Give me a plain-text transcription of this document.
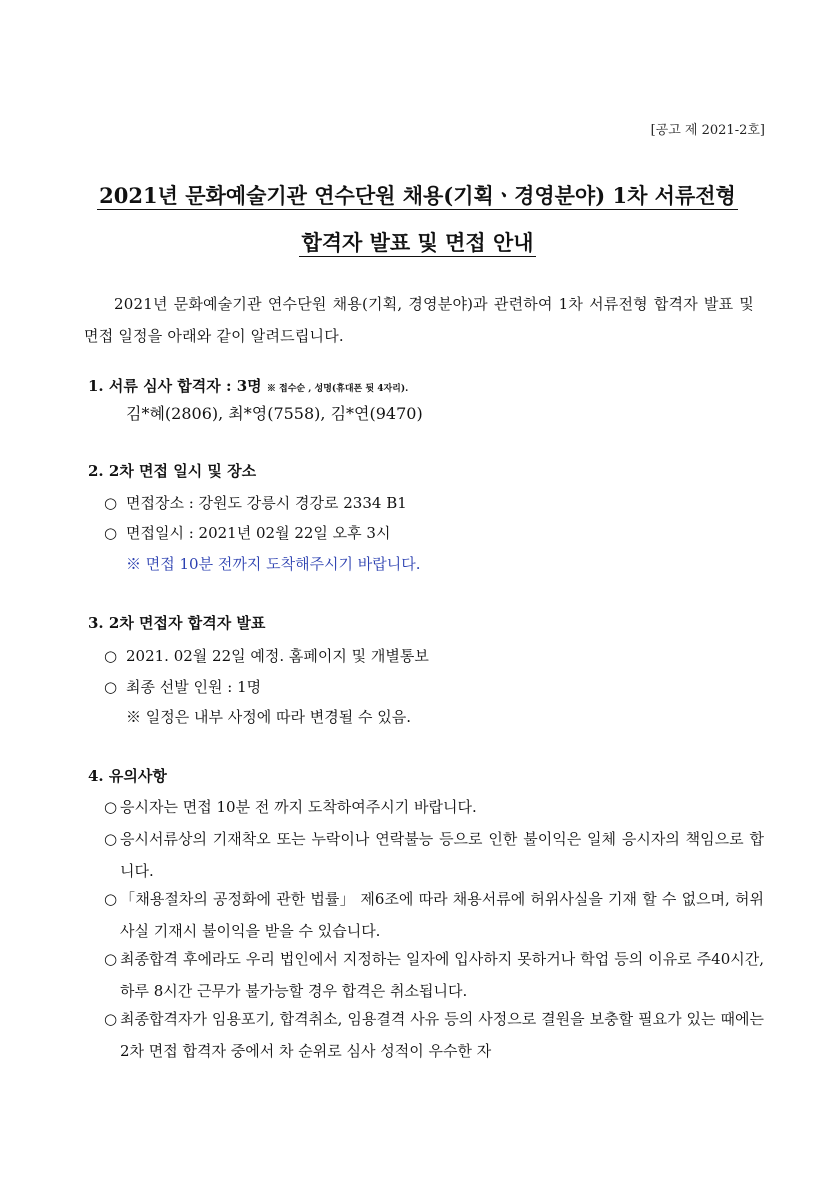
[공고 제 2021-2호]
2021년 문화예술기관 연수단원 채용(기획ㆍ경영분야) 1차 서류전형
합격자 발표 및 면접 안내
2021년 문화예술기관 연수단원 채용(기획, 경영분야)과 관련하여 1차 서류전형 합격자 발표 및 면접 일정을 아래와 같이 알려드립니다.
1. 서류 심사 합격자 : 3명 ※ 접수순 , 성명(휴대폰 뒷 4자리).
김*혜(2806), 최*영(7558), 김*연(9470)
2. 2차 면접 일시 및 장소
○ 면접장소 : 강원도 강릉시 경강로 2334 B1
○ 면접일시 : 2021년 02월 22일 오후 3시
※ 면접 10분 전까지 도착해주시기 바랍니다.
3. 2차 면접자 합격자 발표
○ 2021. 02월 22일 예정. 홈페이지 및 개별통보
○ 최종 선발 인원 : 1명
※ 일정은 내부 사정에 따라 변경될 수 있음.
4. 유의사항
○ 응시자는 면접 10분 전 까지 도착하여주시기 바랍니다.
○ 응시서류상의 기재착오 또는 누락이나 연락불능 등으로 인한 불이익은 일체 응시자의 책임으로 합니다.
○ 「채용절차의 공정화에 관한 법률」 제6조에 따라 채용서류에 허위사실을 기재 할 수 없으며, 허위사실 기재시 불이익을 받을 수 있습니다.
○ 최종합격 후에라도 우리 법인에서 지정하는 일자에 입사하지 못하거나 학업 등의 이유로 주40시간, 하루 8시간 근무가 불가능할 경우 합격은 취소됩니다.
○ 최종합격자가 임용포기, 합격취소, 임용결격 사유 등의 사정으로 결원을 보충할 필요가 있는 때에는 2차 면접 합격자 중에서 차 순위로 심사 성적이 우수한 자
